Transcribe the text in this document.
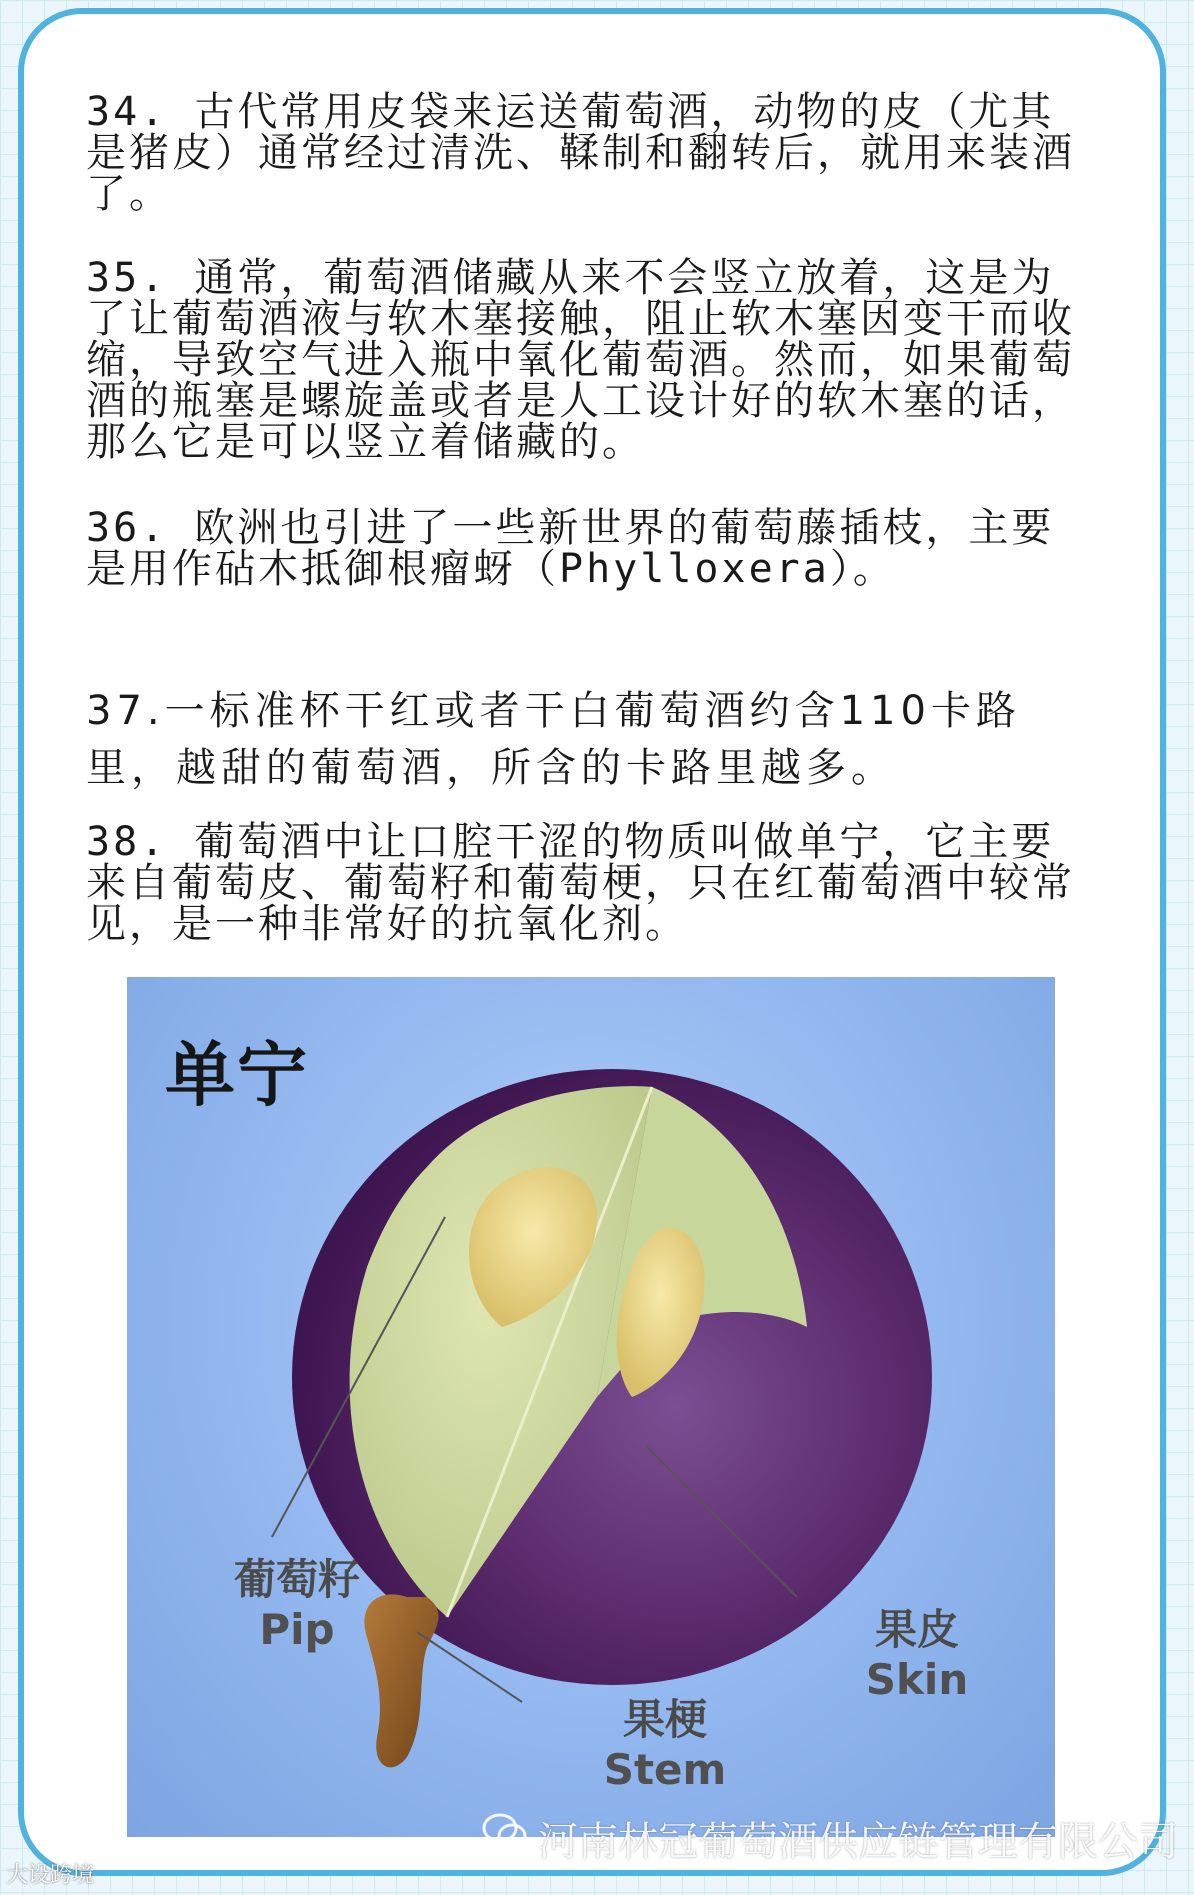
34. 古代常用皮袋来运送葡萄酒，动物的皮（尤其是猪皮）通常经过清洗、鞣制和翻转后，就用来装酒了。
35. 通常，葡萄酒储藏从来不会竖立放着，这是为了让葡萄酒液与软木塞接触，阻止软木塞因变干而收缩，导致空气进入瓶中氧化葡萄酒。然而，如果葡萄酒的瓶塞是螺旋盖或者是人工设计好的软木塞的话，那么它是可以竖立着储藏的。
36. 欧洲也引进了一些新世界的葡萄藤插枝，主要是用作砧木抵御根瘤蚜（Phylloxera）。
37.一标准杯干红或者干白葡萄酒约含110卡路里，越甜的葡萄酒，所含的卡路里越多。
38. 葡萄酒中让口腔干涩的物质叫做单宁，它主要来自葡萄皮、葡萄籽和葡萄梗，只在红葡萄酒中较常见，是一种非常好的抗氧化剂。
单宁
葡萄籽
Pip
果梗
Stem
果皮
Skin
河南林冠葡萄酒供应链管理有限公司
大设跨境
